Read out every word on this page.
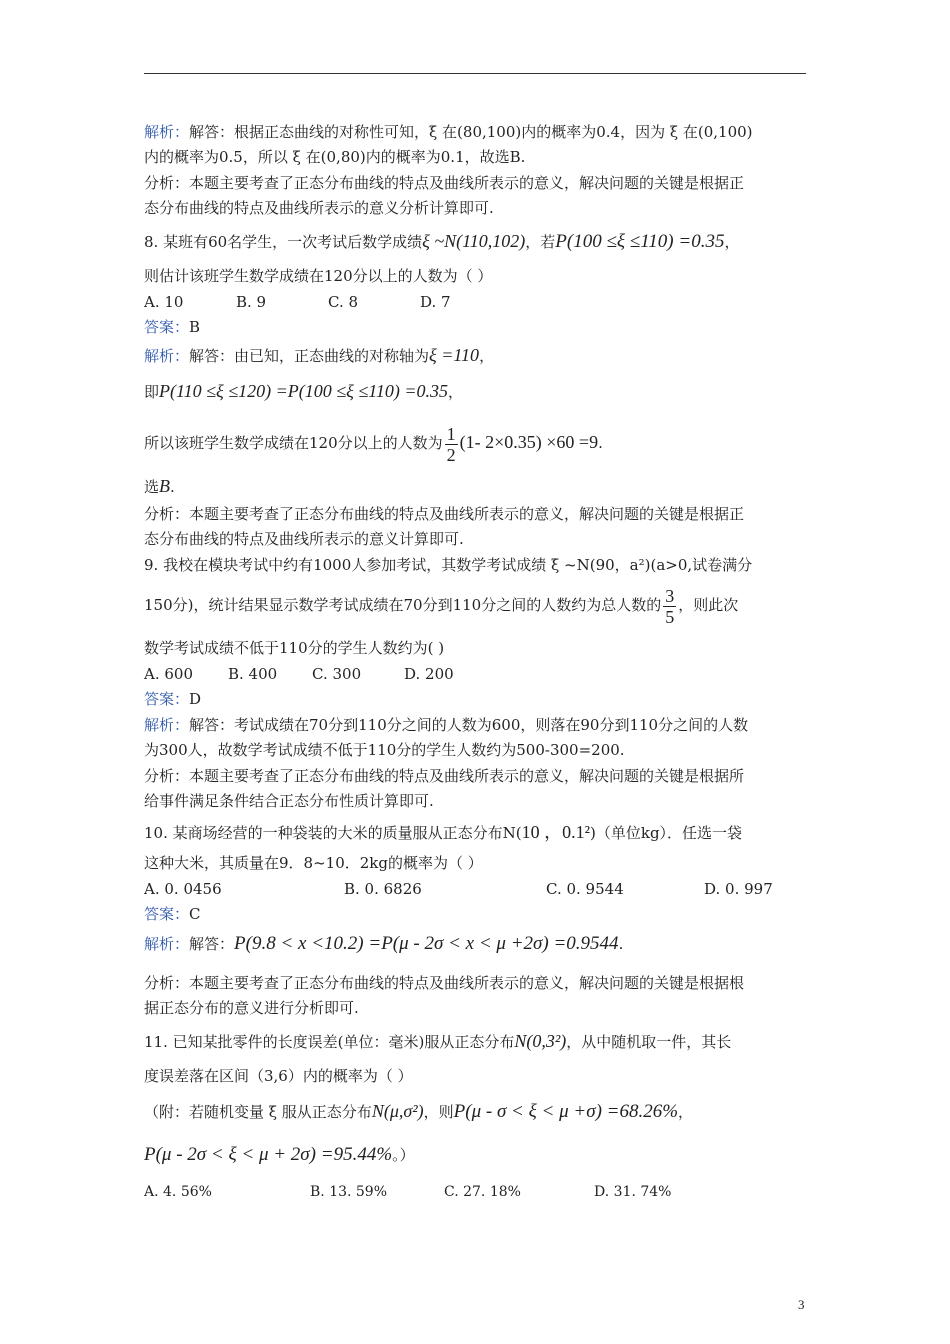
解析：解答：根据正态曲线的对称性可知，ξ 在(80,100)内的概率为0.4，因为 ξ 在(0,100)
内的概率为0.5，所以 ξ 在(0,80)内的概率为0.1，故选B.
分析：本题主要考查了正态分布曲线的特点及曲线所表示的意义，解决问题的关键是根据正
态分布曲线的特点及曲线所表示的意义分析计算即可.
8. 某班有60名学生，一次考试后数学成绩ξ ~N(110,102)，若P(100 ≤ξ ≤110) =0.35，
则估计该班学生数学成绩在120分以上的人数为（ ）
A. 10	B. 9	C. 8	D. 7
答案：B
解析：解答：由已知，正态曲线的对称轴为ξ =110，
即P(110 ≤ξ ≤120) =P(100 ≤ξ ≤110) =0.35，
所以该班学生数学成绩在120分以上的人数为 $\frac{1}{2} (1-$ 2×0.35) ×60 =9.
选B.
分析：本题主要考查了正态分布曲线的特点及曲线所表示的意义，解决问题的关键是根据正
态分布曲线的特点及曲线所表示的意义计算即可.
9. 我校在模块考试中约有1000人参加考试，其数学考试成绩 ξ ~N(90，a²)(a>0,试卷满分
150分)，统计结果显示数学考试成绩在70分到110分之间的人数约为总人数的 $\frac{3}{5}$ ，则此次
数学考试成绩不低于110分的学生人数约为( )
A. 600 B. 400 C. 300	D. 200
答案：D
解析：解答：考试成绩在70分到110分之间的人数为600，则落在90分到110分之间的人数
为300人，故数学考试成绩不低于110分的学生人数约为500-300=200.
分析：本题主要考查了正态分布曲线的特点及曲线所表示的意义，解决问题的关键是根据所
给事件满足条件结合正态分布性质计算即可.
10. 某商场经营的一种袋装的大米的质量服从正态分布N(10 ，0.1²)（单位kg）．任选一袋
这种大米，其质量在9．8~10．2kg的概率为（ ）
A. 0. 0456	B. 0. 6826	C. 0. 9544	D. 0. 997
答案：C
解析：解答：P(9.8 < x <10.2) =P(μ - 2σ < x < μ +2σ) =0.9544.
分析：本题主要考查了正态分布曲线的特点及曲线所表示的意义，解决问题的关键是根据根
据正态分布的意义进行分析即可.
11. 已知某批零件的长度误差(单位：毫米)服从正态分布N(0,3²)，从中随机取一件，其长
度误差落在区间（3,6）内的概率为（ ）
（附：若随机变量 ξ 服从正态分布N(μ,σ²)，则P(μ - σ < ξ < μ +σ) =68.26%，
P(μ - 2σ < ξ < μ + 2σ) =95.44%。）
A. 4. 56%	B. 13. 59%	C. 27. 18%	D. 31. 74%
3
